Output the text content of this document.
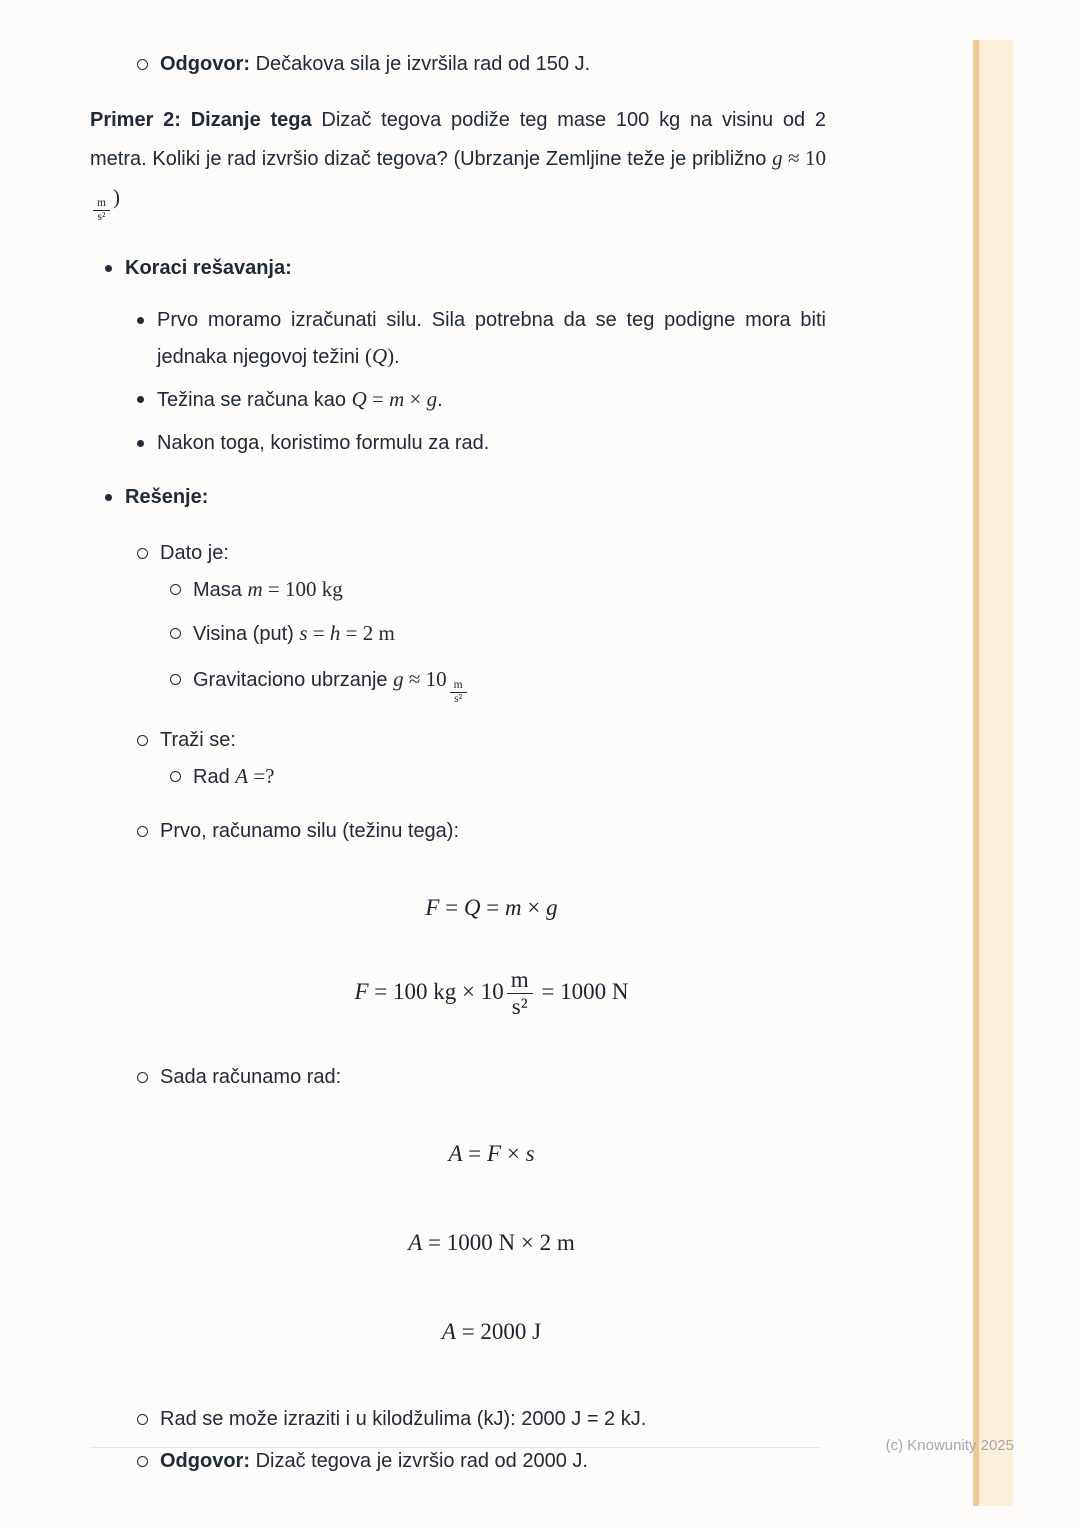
Odgovor: Dečakova sila je izvršila rad od 150 J.

Primer 2: Dizanje tega Dizač tegova podiže teg mase 100 kg na visinu od 2 metra. Koliki je rad izvršio dizač tegova? (Ubrzanje Zemljine teže je približno g ≈ 10
$\frac{m}{\text{s²}}$
)

Koraci rešavanja:
Prvo moramo izračunati silu. Sila potrebna da se teg podigne mora biti jednaka njegovoj težini (Q).
Težina se računa kao Q = m × g.
Nakon toga, koristimo formulu za rad.
Rešenje:
Dato je:
Masa m = 100 kg
Visina (put) s = h = 2 m
Gravitaciono ubrzanje g ≈ 10
$\frac{m}{\text{s²}}$
Traži se:
Rad A =?
Prvo, računamo silu (težinu tega):
F = Q = m × g
F = 100 kg × $10 \frac{m}{\text{s²}} = 1000$ N
Sada računamo rad:
A = F × s
A = 1000 N × 2 m
A = 2000 J
Rad se može izraziti i u kilodžulima (kJ): 2000 J = 2 kJ.
Odgovor: Dizač tegova je izvršio rad od 2000 J.
(c) Knowunity 2025
